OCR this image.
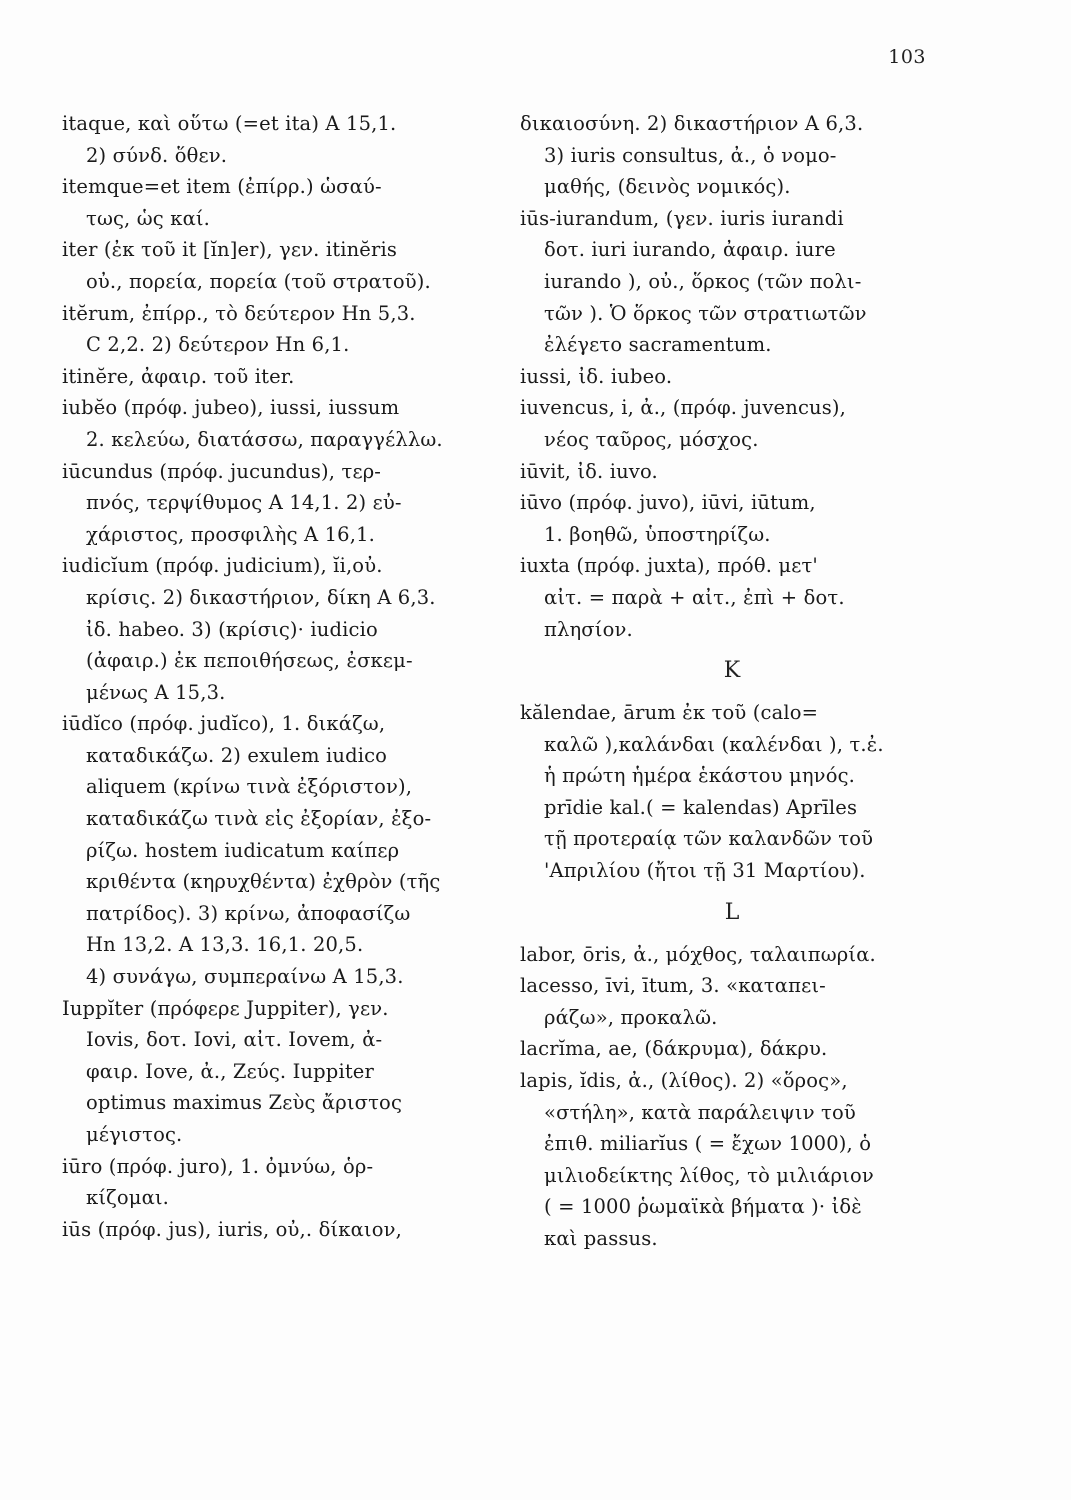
103
itaque, καὶ οὕτω (=et ita) A 15,1.
2) σύνδ. ὅθεν.
itemque=et item (ἐπίρρ.) ὡσαύ-
τως, ὡς καί.
iter (ἐκ τοῦ it [ĭn]er), γεν. itinĕris
οὐ., πορεία, πορεία (τοῦ στρατοῦ).
itĕrum, ἐπίρρ., τὸ δεύτερον Hn 5,3.
C 2,2. 2) δεύτερον Hn 6,1.
itinĕre, ἀφαιρ. τοῦ iter.
iubĕo (πρόφ. jubeo), iussi, iussum
2. κελεύω, διατάσσω, παραγγέλλω.
iūcundus (πρόφ. jucundus), τερ-
πνός, τερψίθυμος A 14,1. 2) εὐ-
χάριστος, προσφιλὴς A 16,1.
iudicĭum (πρόφ. judicium), ĭi,οὐ.
κρίσις. 2) δικαστήριον, δίκη A 6,3.
ἰδ. habeo. 3) (κρίσις)· iudicio
(ἀφαιρ.) ἐκ πεποιθήσεως, ἐσκεμ-
μένως A 15,3.
iūdĭco (πρόφ. judĭco), 1. δικάζω,
καταδικάζω. 2) exulem iudico
aliquem (κρίνω τινὰ ἐξόριστον),
καταδικάζω τινὰ εἰς ἐξορίαν, ἐξο-
ρίζω. hostem iudicatum καίπερ
κριθέντα (κηρυχθέντα) ἐχθρὸν (τῆς
πατρίδος). 3) κρίνω, ἀποφασίζω
Hn 13,2. A 13,3. 16,1. 20,5.
4) συνάγω, συμπεραίνω A 15,3.
Iuppĭter (πρόφερε Juppiter), γεν.
Iovis, δοτ. Iovi, αἰτ. Iovem, ἀ-
φαιρ. Iove, ἀ., Ζεύς. Iuppiter
optimus maximus Ζεὺς ἄριστος
μέγιστος.
iūro (πρόφ. juro), 1. ὀμνύω, ὁρ-
κίζομαι.
iūs (πρόφ. jus), iuris, οὐ,. δίκαιον,
δικαιοσύνη. 2) δικαστήριον A 6,3.
3) iuris consultus, ἀ., ὁ νομο-
μαθής, (δεινὸς νομικός).
iūs-iurandum, (γεν. iuris iurandi
δοτ. iuri iurando, ἀφαιρ. iure
iurando ), οὐ., ὅρκος (τῶν πολι-
τῶν ). Ὁ ὅρκος τῶν στρατιωτῶν
ἐλέγετο sacramentum.
iussi, ἰδ. iubeo.
iuvencus, i, ἀ., (πρόφ. juvencus),
νέος ταῦρος, μόσχος.
iūvit, ἰδ. iuvo.
iūvo (πρόφ. juvo), iūvi, iūtum,
1. βοηθῶ, ὑποστηρίζω.
iuxta (πρόφ. juxta), πρόθ. μετ'
αἰτ. = παρὰ + αἰτ., ἐπὶ + δοτ.
πλησίον.
K
kălendae, ārum ἐκ τοῦ (calo=
καλῶ ),καλάνδαι (καλένδαι ), τ.ἐ.
ἡ πρώτη ἡμέρα ἑκάστου μηνός.
prīdie kal.( = kalendas) Aprīles
τῇ προτεραίᾳ τῶν καλανδῶν τοῦ
'Απριλίου (ἤτοι τῇ 31 Μαρτίου).
L
labor, ōris, ἀ., μόχθος, ταλαιπωρία.
lacesso, īvi, ītum, 3. «καταπει-
ράζω», προκαλῶ.
lacrĭma, ae, (δάκρυμα), δάκρυ.
lapis, ĭdis, ἀ., (λίθος). 2) «ὅρος»,
«στήλη», κατὰ παράλειψιν τοῦ
ἐπιθ. miliarĭus ( = ἔχων 1000), ὁ
μιλιοδείκτης λίθος, τὸ μιλιάριον
( = 1000 ῥωμαϊκὰ βήματα )· ἰδὲ
καὶ passus.
